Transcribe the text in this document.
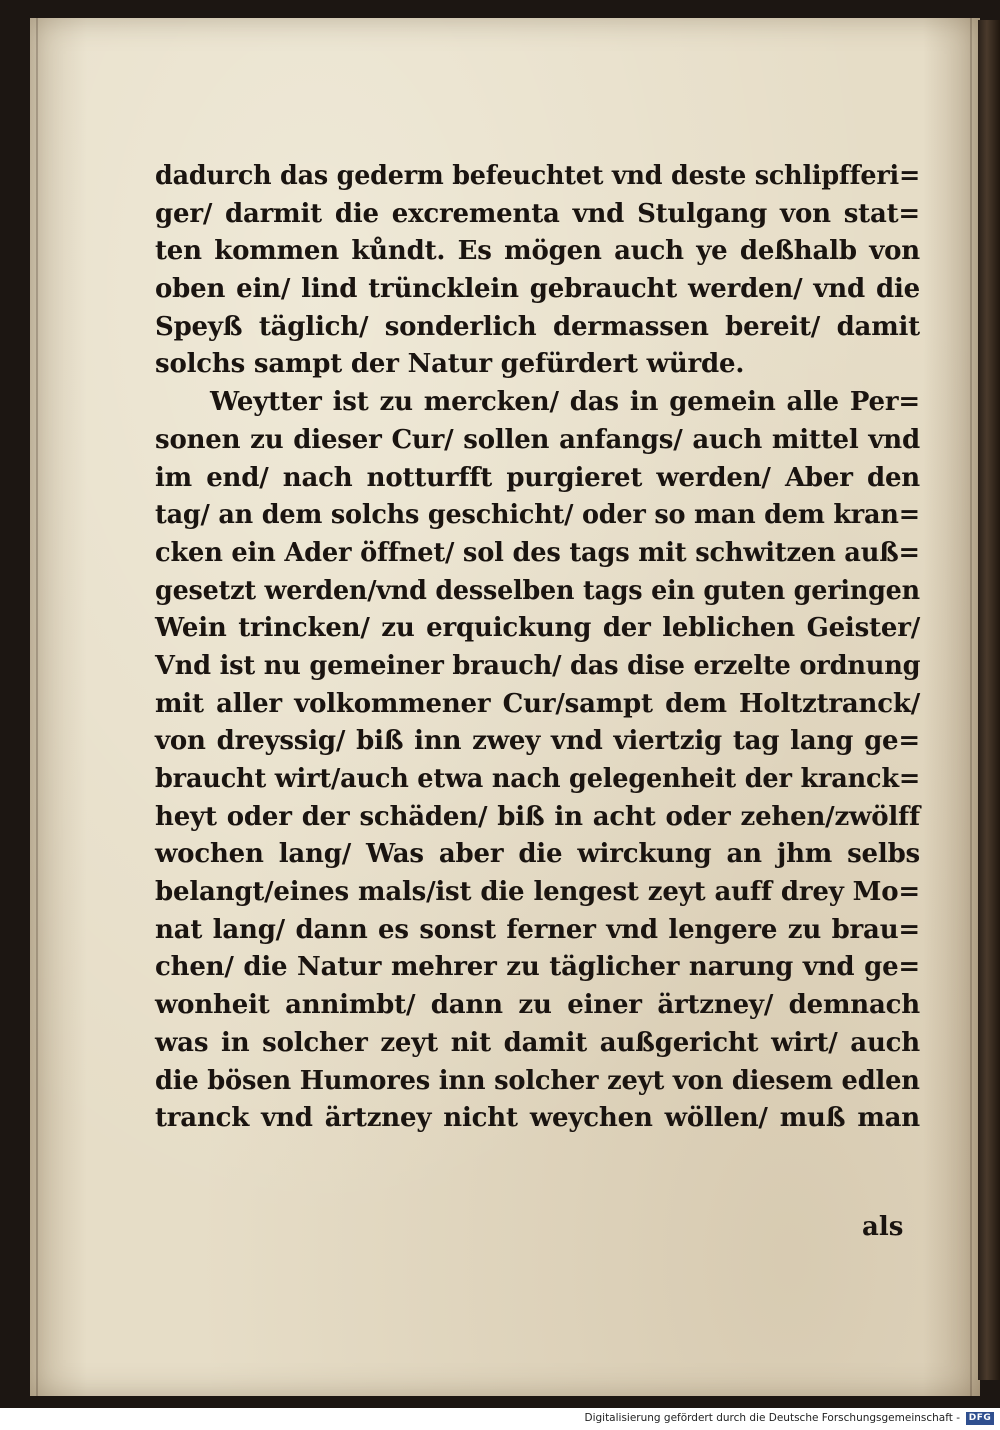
dadurch das gederm befeuchtet vnd deste schlipfferi=
ger/ darmit die excrementa vnd Stulgang von stat=
ten kommen kůndt. Es mögen auch ye deßhalb von
oben ein/ lind trüncklein gebraucht werden/ vnd die
Speyß täglich/ sonderlich dermassen bereit/ damit
solchs sampt der Natur gefürdert würde.
Weytter ist zu mercken/ das in gemein alle Per=
sonen zu dieser Cur/ sollen anfangs/ auch mittel vnd
im end/ nach notturfft purgieret werden/ Aber den
tag/ an dem solchs geschicht/ oder so man dem kran=
cken ein Ader öffnet/ sol des tags mit schwitzen auß=
gesetzt werden/vnd desselben tags ein guten geringen
Wein trincken/ zu erquickung der leblichen Geister/
Vnd ist nu gemeiner brauch/ das dise erzelte ordnung
mit aller volkommener Cur/sampt dem Holtztranck/
von dreyssig/ biß inn zwey vnd viertzig tag lang ge=
braucht wirt/auch etwa nach gelegenheit der kranck=
heyt oder der schäden/ biß in acht oder zehen/zwölff
wochen lang/ Was aber die wirckung an jhm selbs
belangt/eines mals/ist die lengest zeyt auff drey Mo=
nat lang/ dann es sonst ferner vnd lengere zu brau=
chen/ die Natur mehrer zu täglicher narung vnd ge=
wonheit annimbt/ dann zu einer ärtzney/ demnach
was in solcher zeyt nit damit außgericht wirt/ auch
die bösen Humores inn solcher zeyt von diesem edlen
tranck vnd ärtzney nicht weychen wöllen/ muß man
als
Digitalisierung gefördert durch die Deutsche Forschungsgemeinschaft - DFG
